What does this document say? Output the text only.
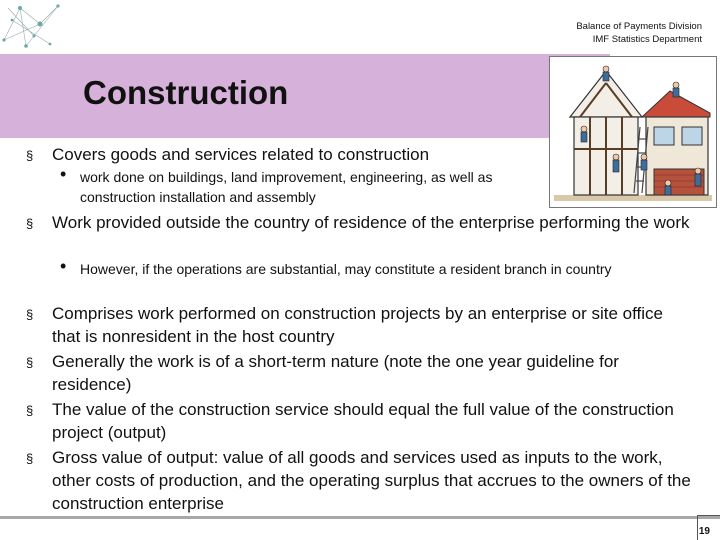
Balance of Payments Division
IMF Statistics Department
Construction
§ Covers goods and services related to construction
• work done on buildings, land improvement, engineering, as well as construction installation and assembly
§ Work provided outside the country of residence of the enterprise performing the work
• However, if the operations are substantial, may constitute a resident branch in country
§ Comprises work performed on construction projects by an enterprise or site office that is nonresident in the host country
§ Generally the work is of a short-term nature (note the one year guideline for residence)
§ The value of the construction service should equal the full value of the construction project (output)
§ Gross value of output: value of all goods and services used as inputs to the work, other costs of production, and the operating surplus that accrues to the owners of the construction enterprise
19
